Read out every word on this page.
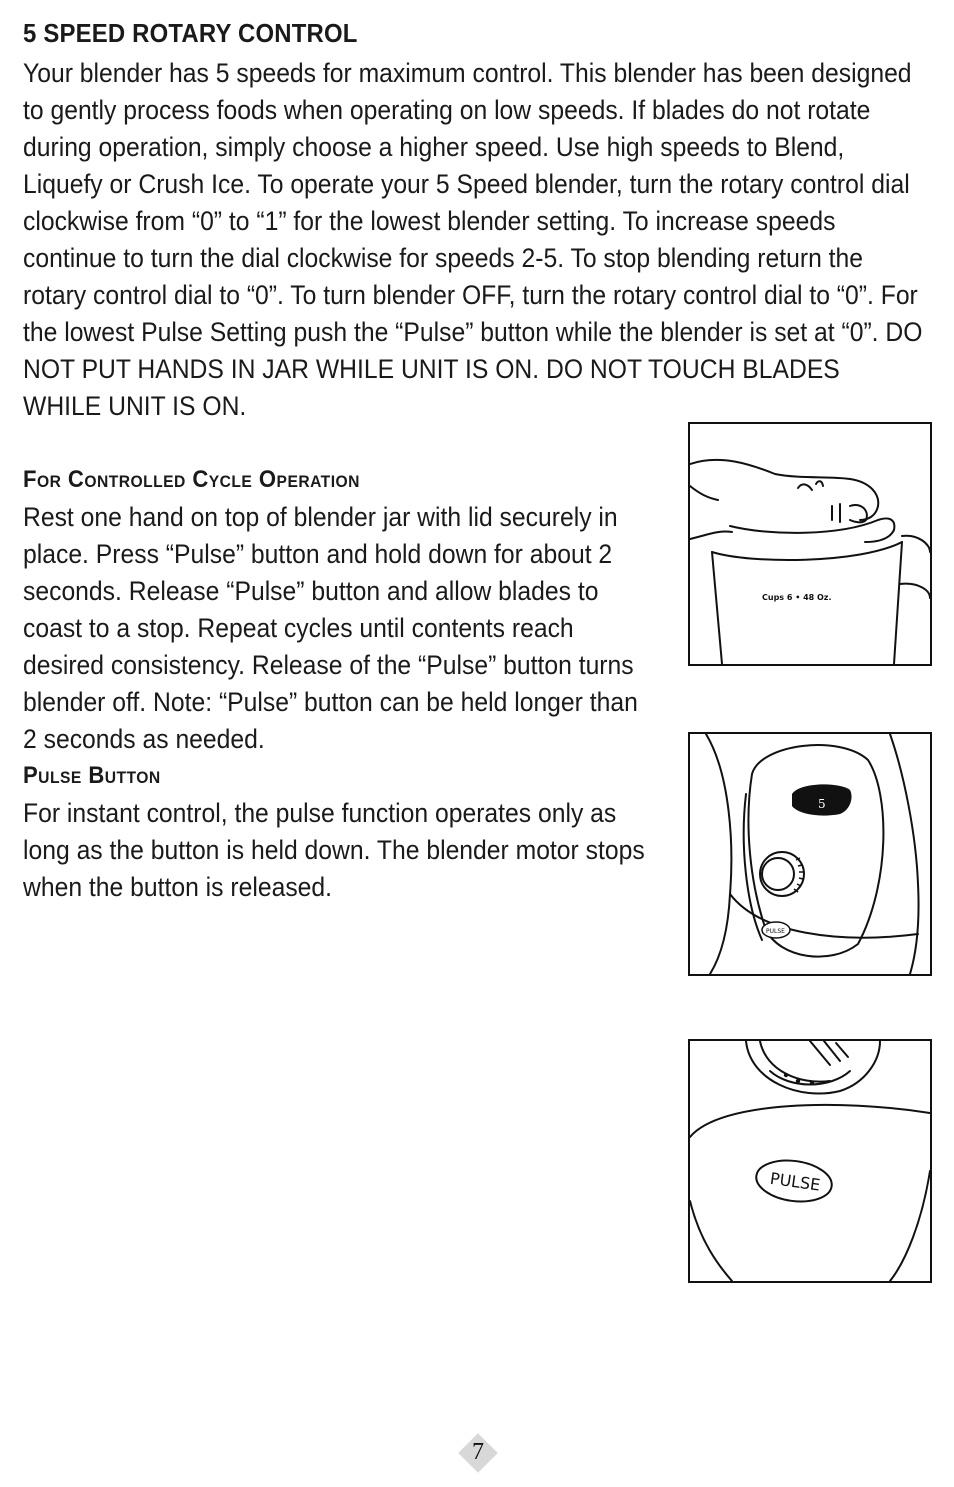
5 SPEED ROTARY CONTROL

Your blender has 5 speeds for maximum control. This blender has been designed to gently process foods when operating on low speeds. If blades do not rotate during operation, simply choose a higher speed. Use high speeds to Blend, Liquefy or Crush Ice. To operate your 5 Speed blender, turn the rotary control dial clockwise from “0” to “1” for the lowest blender setting. To increase speeds continue to turn the dial clockwise for speeds 2-5. To stop blending return the rotary control dial to “0”. To turn blender OFF, turn the rotary control dial to “0”. For the lowest Pulse Setting push the “Pulse” button while the blender is set at “0”. DO NOT PUT HANDS IN JAR WHILE UNIT IS ON. DO NOT TOUCH BLADES WHILE UNIT IS ON.

For Controlled Cycle Operation

Rest one hand on top of blender jar with lid securely in place. Press “Pulse” button and hold down for about 2 seconds. Release “Pulse” button and allow blades to coast to a stop. Repeat cycles until contents reach desired consistency. Release of the “Pulse” button turns blender off. Note: “Pulse” button can be held longer than 2 seconds as needed.

Pulse Button

For instant control, the pulse function operates only as long as the button is held down. The blender motor stops when the button is released.

Cups 6 • 48 Oz.
5
PULSE
PULSE
7
